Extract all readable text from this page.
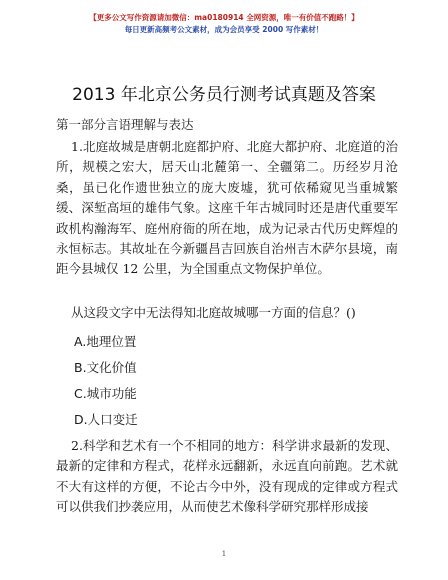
【更多公文写作资源请加微信：ma0180914 全网资源，唯一有价值不跑路！】
每日更新高频考公文素材，成为会员享受 2000 写作素材！
2013 年北京公务员行测考试真题及答案
第一部分言语理解与表达
1.北庭故城是唐朝北庭都护府、北庭大都护府、北庭道的治所，规模之宏大，居天山北麓第一、全疆第二。历经岁月沧桑，虽已化作遗世独立的庞大废墟，犹可依稀窥见当重城繁缓、深堑高垣的雄伟气象。这座千年古城同时还是唐代重要军政机构瀚海军、庭州府衙的所在地，成为记录古代历史辉煌的永恒标志。其故址在今新疆昌吉回族自治州吉木萨尔县境，南距今县城仅 12 公里，为全国重点文物保护单位。
从这段文字中无法得知北庭故城哪一方面的信息？()
A.地理位置
B.文化价值
C.城市功能
D.人口变迁
2.科学和艺术有一个不相同的地方：科学讲求最新的发现、最新的定律和方程式，花样永远翻新，永远直向前跑。艺术就不大有这样的方便，不论古今中外，没有现成的定律或方程式可以供我们抄袭应用，从而使艺术像科学研究那样形成接
1
